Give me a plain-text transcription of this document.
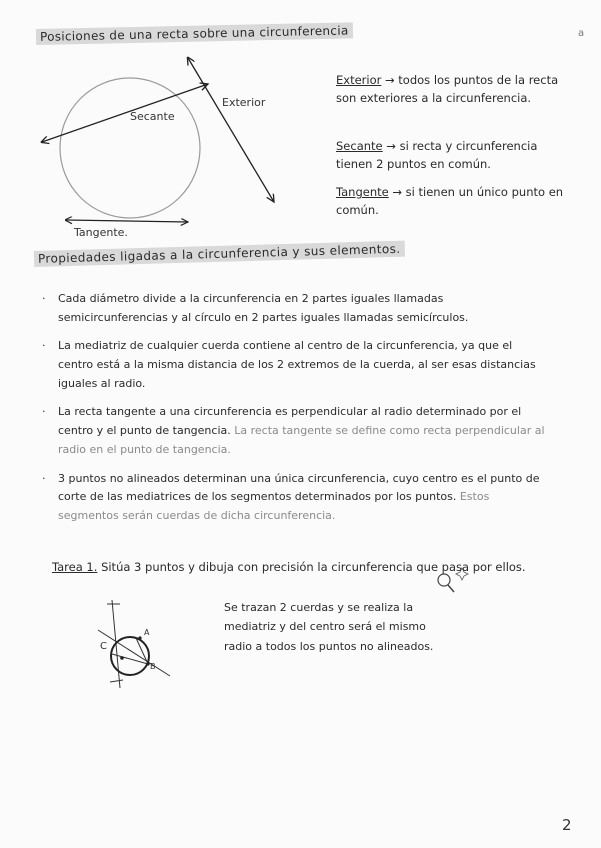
a
Posiciones de una recta sobre una circunferencia
Secante
Exterior
Tangente.
Exterior → todos los puntos de la recta son exteriores a la circunferencia.
Secante → si recta y circunferencia tienen 2 puntos en común.
Tangente → si tienen un único punto en común.
Propiedades ligadas a la circunferencia y sus elementos.
· Cada diámetro divide a la circunferencia en 2 partes iguales llamadas semicircunferencias y al círculo en 2 partes iguales llamadas semicírculos.
· La mediatriz de cualquier cuerda contiene al centro de la circunferencia, ya que el centro está a la misma distancia de los 2 extremos de la cuerda, al ser esas distancias iguales al radio.
· La recta tangente a una circunferencia es perpendicular al radio determinado por el centro y el punto de tangencia. La recta tangente se define como recta perpendicular al radio en el punto de tangencia.
· 3 puntos no alineados determinan una única circunferencia, cuyo centro es el punto de corte de las mediatrices de los segmentos determinados por los puntos. Estos segmentos serán cuerdas de dicha circunferencia.
Tarea 1. Sitúa 3 puntos y dibuja con precisión la circunferencia que pasa por ellos.
C
A
B
Se trazan 2 cuerdas y se realiza la mediatriz y del centro será el mismo radio a todos los puntos no alineados.
2
